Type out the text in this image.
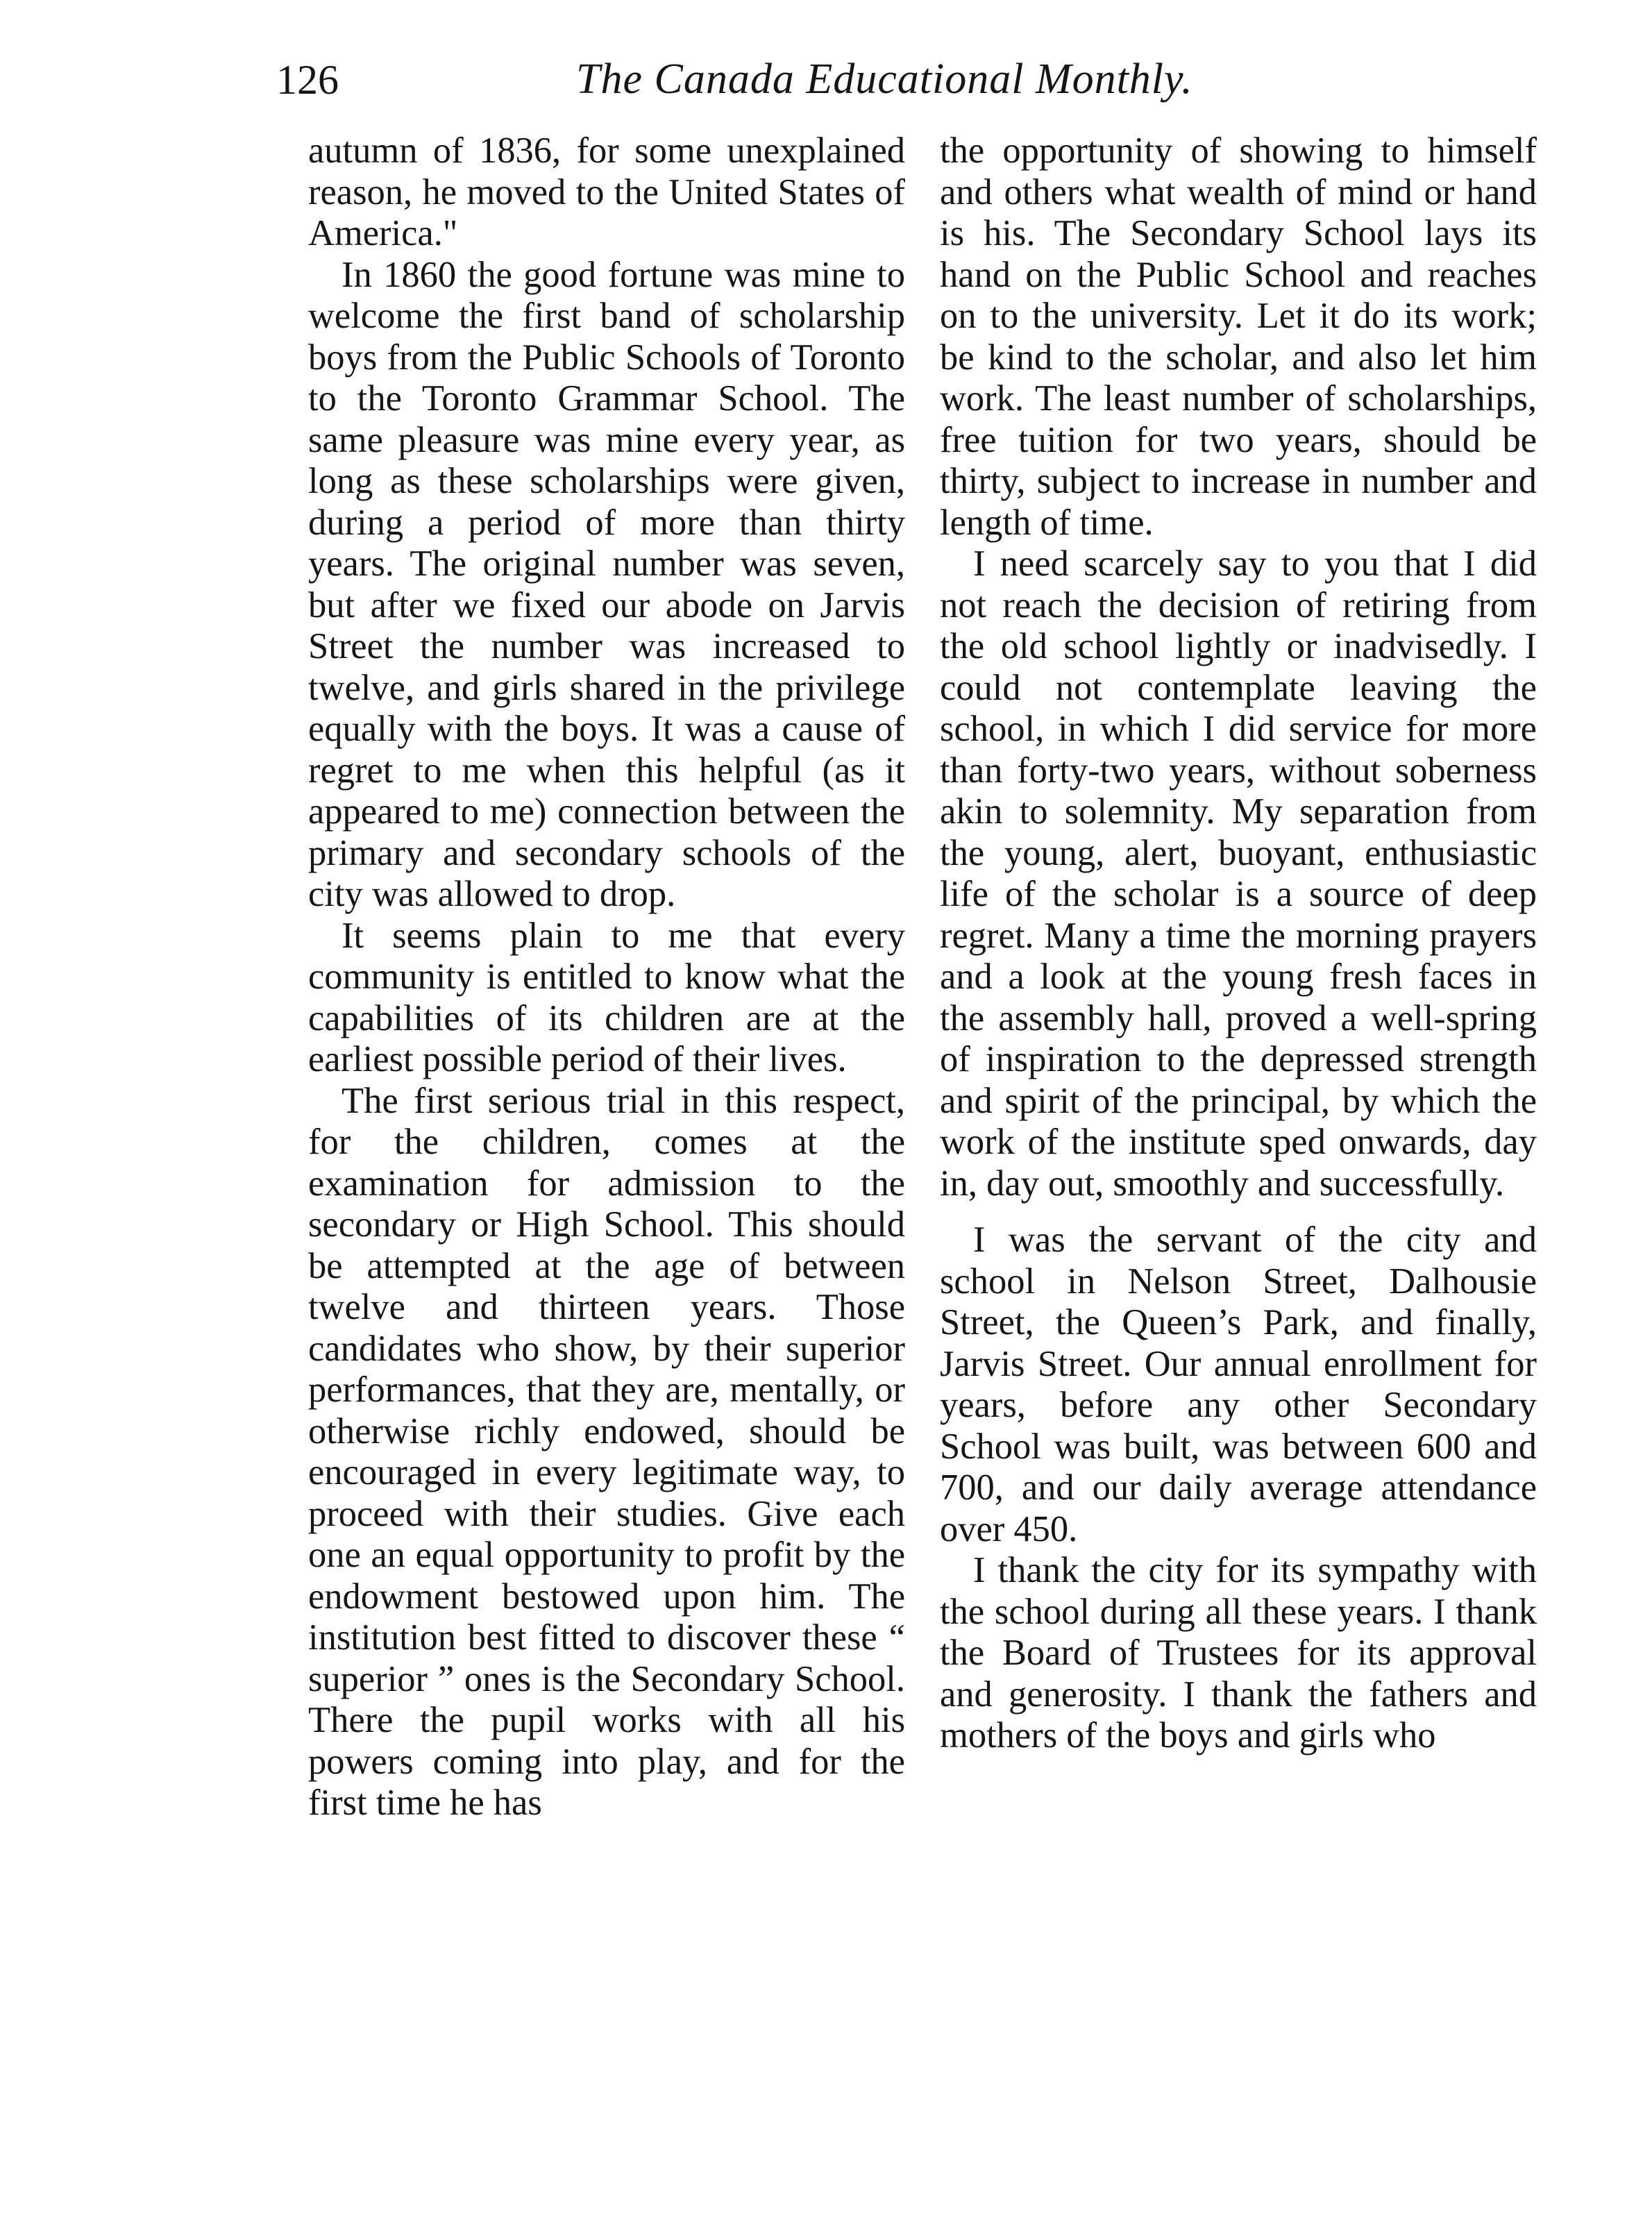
126	The Canada Educational Monthly.

autumn of 1836, for some unexplained reason, he moved to the United States of America."

In 1860 the good fortune was mine to welcome the first band of scholarship boys from the Public Schools of Toronto to the Toronto Grammar School. The same pleasure was mine every year, as long as these scholarships were given, during a period of more than thirty years. The original number was seven, but after we fixed our abode on Jarvis Street the number was increased to twelve, and girls shared in the privilege equally with the boys. It was a cause of regret to me when this helpful (as it appeared to me) connection between the primary and secondary schools of the city was allowed to drop.

It seems plain to me that every community is entitled to know what the capabilities of its children are at the earliest possible period of their lives.

The first serious trial in this respect, for the children, comes at the examination for admission to the secondary or High School. This should be attempted at the age of between twelve and thirteen years. Those candidates who show, by their superior performances, that they are, mentally, or otherwise richly endowed, should be encouraged in every legitimate way, to proceed with their studies. Give each one an equal opportunity to profit by the endowment bestowed upon him. The institution best fitted to discover these “ superior ” ones is the Secondary School. There the pupil works with all his powers coming into play, and for the first time he has

the opportunity of showing to himself and others what wealth of mind or hand is his. The Secondary School lays its hand on the Public School and reaches on to the university. Let it do its work; be kind to the scholar, and also let him work. The least number of scholarships, free tuition for two years, should be thirty, subject to increase in number and length of time.

I need scarcely say to you that I did not reach the decision of retiring from the old school lightly or inadvisedly. I could not contemplate leaving the school, in which I did service for more than forty-two years, without soberness akin to solemnity. My separation from the young, alert, buoyant, enthusiastic life of the scholar is a source of deep regret. Many a time the morning prayers and a look at the young fresh faces in the assembly hall, proved a well-spring of inspiration to the depressed strength and spirit of the principal, by which the work of the institute sped onwards, day in, day out, smoothly and successfully.

I was the servant of the city and school in Nelson Street, Dalhousie Street, the Queen’s Park, and finally, Jarvis Street. Our annual enrollment for years, before any other Secondary School was built, was between 600 and 700, and our daily average attendance over 450.

I thank the city for its sympathy with the school during all these years. I thank the Board of Trustees for its approval and generosity. I thank the fathers and mothers of the boys and girls who
